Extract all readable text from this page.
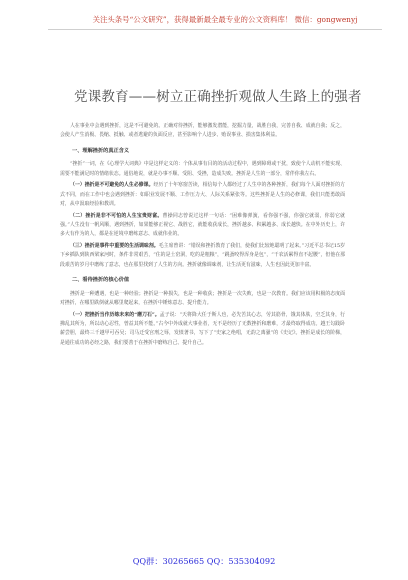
关注头条号“公文研究”，获得最新最全最专业的公文资料库！ 微信：gongwenyj
党课教育——树立正确挫折观做人生路上的强者

人在事业中会遇到挫折，这是不可避免的。正确对待挫折，能够激发潜能，挖掘力量，战胜自我，完善自我、成就自我；反之，会使人产生消极、畏缩、抵触、或者逃避的负面反应，甚至影响个人进步、贻误事业、损害集体利益。

一、理解挫折的真正含义

“挫折”一词，在《心理学大词典》中是这样定义的：个体从事有目的的活动过程中，遇到障碍或干扰，致使个人动机不能实现、需要不能满足时的情绪状态。通俗地说，就是办事不顺、受阻、受挫，造成失败。挫折是人生的一部分，常伴你我左右。

（一）挫折是不可避免的人生必修课。经历了十年寒窗苦读，相信每个人都经过了人生中的各种挫折，我们每个人面对挫折的方式不同，而在工作中也会遇到挫折：如职业发展不顺、工作压力大、人际关系紧张等。这些挫折是人生的必修课，我们只能勇敢面对，从中汲取经验和教训。

（二）挫折是非不可怕的人生宝贵财富。曹操同志曾说过这样一句话：“困难像弹簧，看你强不强，你强它就弱，你弱它就强。”人生没有一帆风顺，遇到挫折，如果能够正视它、战胜它，就能收获成长，挫折越多、积累越多、成长越快。在中外历史上，许多大有作为的人，都是在逆境中磨练意志、成就伟业的。

（三）挫折是事件中重要的生活调味剂。毛主席曾讲：“错误和挫折教育了我们，使我们比较地聪明了起来。”习近平总书记15岁下乡插队到陕西梁家河时，条件非常艰苦，“住的是土窑洞，吃的是粗粮”，“跳蚤咬得浑身是包”，“干农活累得直不起腰”，但他在那段艰苦的岁月中磨练了意志，也在那里找到了人生的方向。挫折就像调味剂，让生活更有滋味，人生也因此更加丰富。

二、看待挫折的核心价值

挫折是一种遭遇，也是一种经验；挫折是一种损失，也是一种收获；挫折是一次失败，也是一次教育。我们应该用积极的态度面对挫折，在哪里跌倒就从哪里爬起来，在挫折中锤炼意志、提升能力。

（一）把挫折当作历练未来的“磨刀石”。孟子说：“天将降大任于斯人也，必先苦其心志，劳其筋骨，饿其体肤，空乏其身，行拂乱其所为，所以动心忍性，曾益其所不能。”古今中外成就大事业者，无不是经历了无数挫折和磨难，才最终取得成功。越王勾践卧薪尝胆，最终三千越甲可吞吴；司马迁受宫刑之辱，发愤著书，写下了“史家之绝唱，无韵之离骚”的《史记》。挫折是成长的阶梯，是通往成功的必经之路，我们要善于在挫折中磨练自己、提升自己。

QQ群：30265665 QQ：535304092
